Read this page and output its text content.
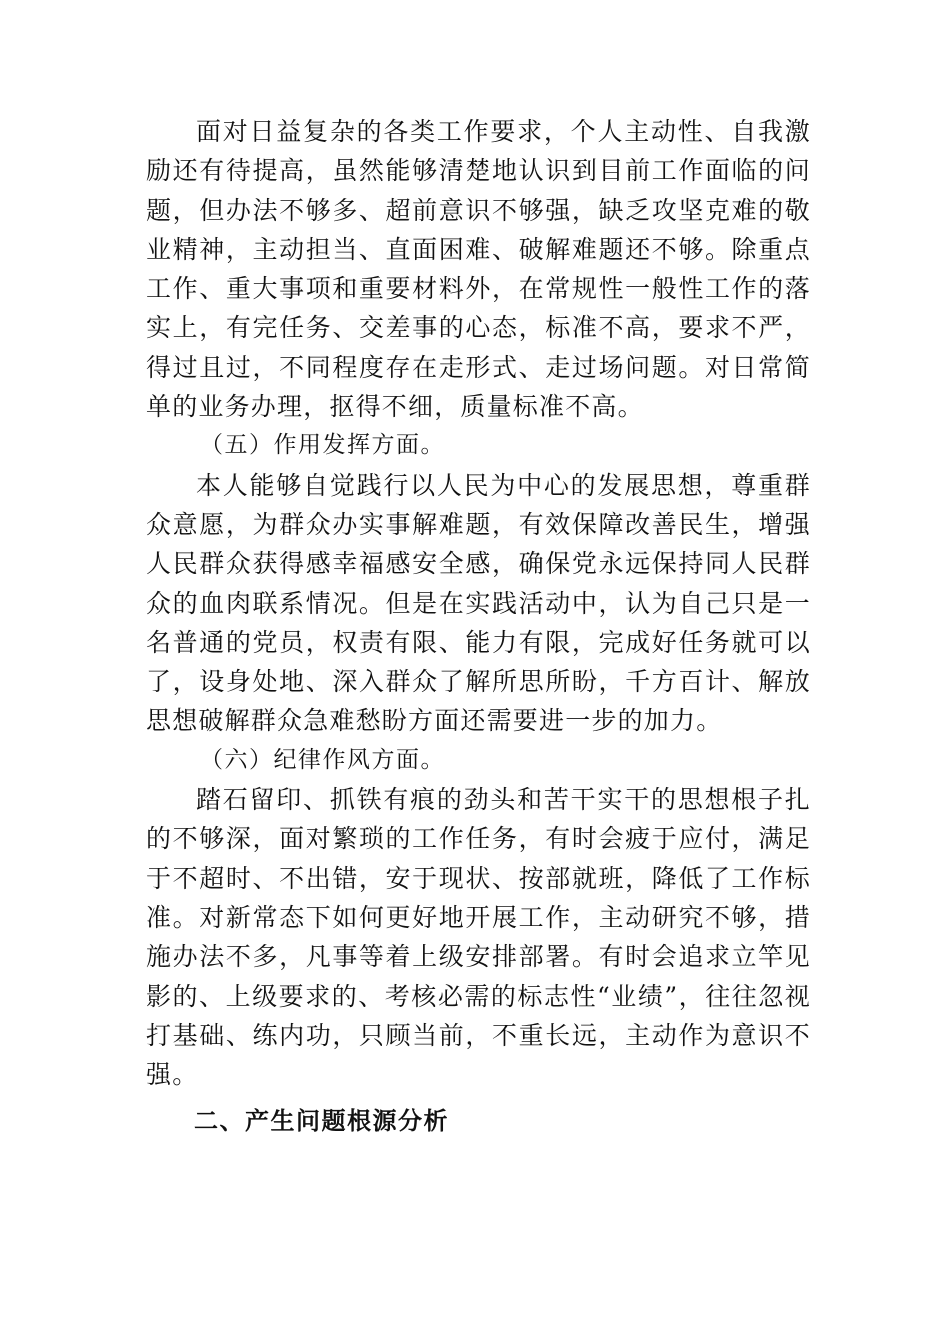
面对日益复杂的各类工作要求，个人主动性、自我激励还有待提高，虽然能够清楚地认识到目前工作面临的问题，但办法不够多、超前意识不够强，缺乏攻坚克难的敬业精神，主动担当、直面困难、破解难题还不够。除重点工作、重大事项和重要材料外，在常规性一般性工作的落实上，有完任务、交差事的心态，标准不高，要求不严，得过且过，不同程度存在走形式、走过场问题。对日常简单的业务办理，抠得不细，质量标准不高。

（五）作用发挥方面。

本人能够自觉践行以人民为中心的发展思想，尊重群众意愿，为群众办实事解难题，有效保障改善民生，增强人民群众获得感幸福感安全感，确保党永远保持同人民群众的血肉联系情况。但是在实践活动中，认为自己只是一名普通的党员，权责有限、能力有限，完成好任务就可以了，设身处地、深入群众了解所思所盼，千方百计、解放思想破解群众急难愁盼方面还需要进一步的加力。

（六）纪律作风方面。

踏石留印、抓铁有痕的劲头和苦干实干的思想根子扎的不够深，面对繁琐的工作任务，有时会疲于应付，满足于不超时、不出错，安于现状、按部就班，降低了工作标准。对新常态下如何更好地开展工作，主动研究不够，措施办法不多，凡事等着上级安排部署。有时会追求立竿见影的、上级要求的、考核必需的标志性“业绩”，往往忽视打基础、练内功，只顾当前，不重长远，主动作为意识不强。

二、产生问题根源分析
